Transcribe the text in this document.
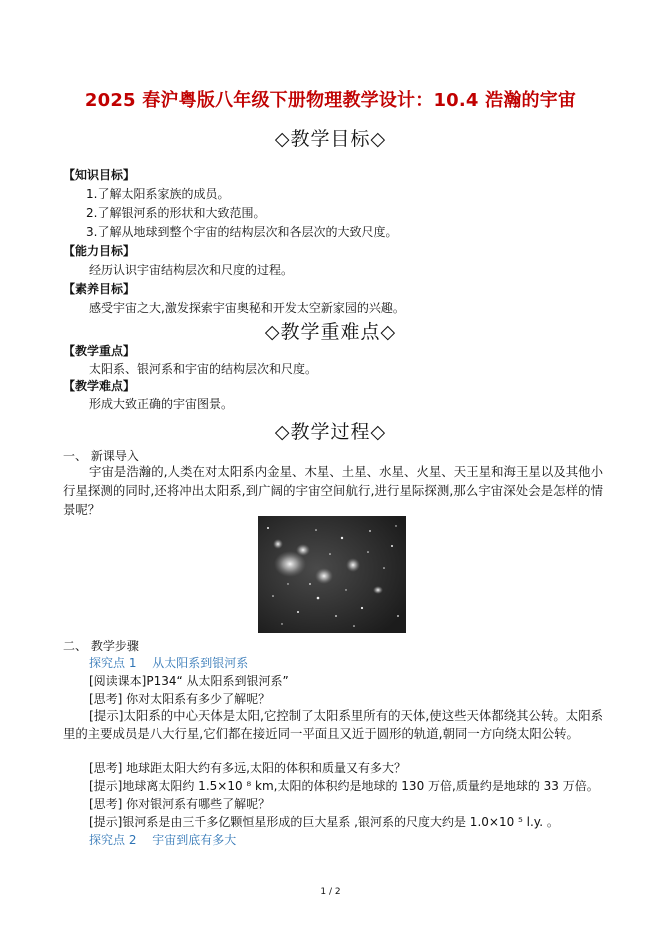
2025 春沪粤版八年级下册物理教学设计：10.4 浩瀚的宇宙
◇教学目标◇
【知识目标】
1.了解太阳系家族的成员。
2.了解银河系的形状和大致范围。
3.了解从地球到整个宇宙的结构层次和各层次的大致尺度。
【能力目标】
经历认识宇宙结构层次和尺度的过程。
【素养目标】
感受宇宙之大,激发探索宇宙奥秘和开发太空新家园的兴趣。
◇教学重难点◇
【教学重点】
太阳系、银河系和宇宙的结构层次和尺度。
【教学难点】
形成大致正确的宇宙图景。
◇教学过程◇
一、 新课导入
宇宙是浩瀚的,人类在对太阳系内金星、木星、土星、水星、火星、天王星和海王星以及其他小行星探测的同时,还将冲出太阳系,到广阔的宇宙空间航行,进行星际探测,那么宇宙深处会是怎样的情景呢？
二、 教学步骤
探究点 1　 从太阳系到银河系
[阅读课本]P134“ 从太阳系到银河系”
[思考] 你对太阳系有多少了解呢？
[提示]太阳系的中心天体是太阳,它控制了太阳系里所有的天体,使这些天体都绕其公转。太阳系里的主要成员是八大行星,它们都在接近同一平面且又近于圆形的轨道,朝同一方向绕太阳公转。
[思考] 地球距太阳大约有多远,太阳的体积和质量又有多大？
[提示]地球离太阳约 1.5×10 ⁸ km,太阳的体积约是地球的 130 万倍,质量约是地球的 33 万倍。
[思考] 你对银河系有哪些了解呢？
[提示]银河系是由三千多亿颗恒星形成的巨大星系 ,银河系的尺度大约是 1.0×10 ⁵ l.y. 。
探究点 2　 宇宙到底有多大
1 / 2
